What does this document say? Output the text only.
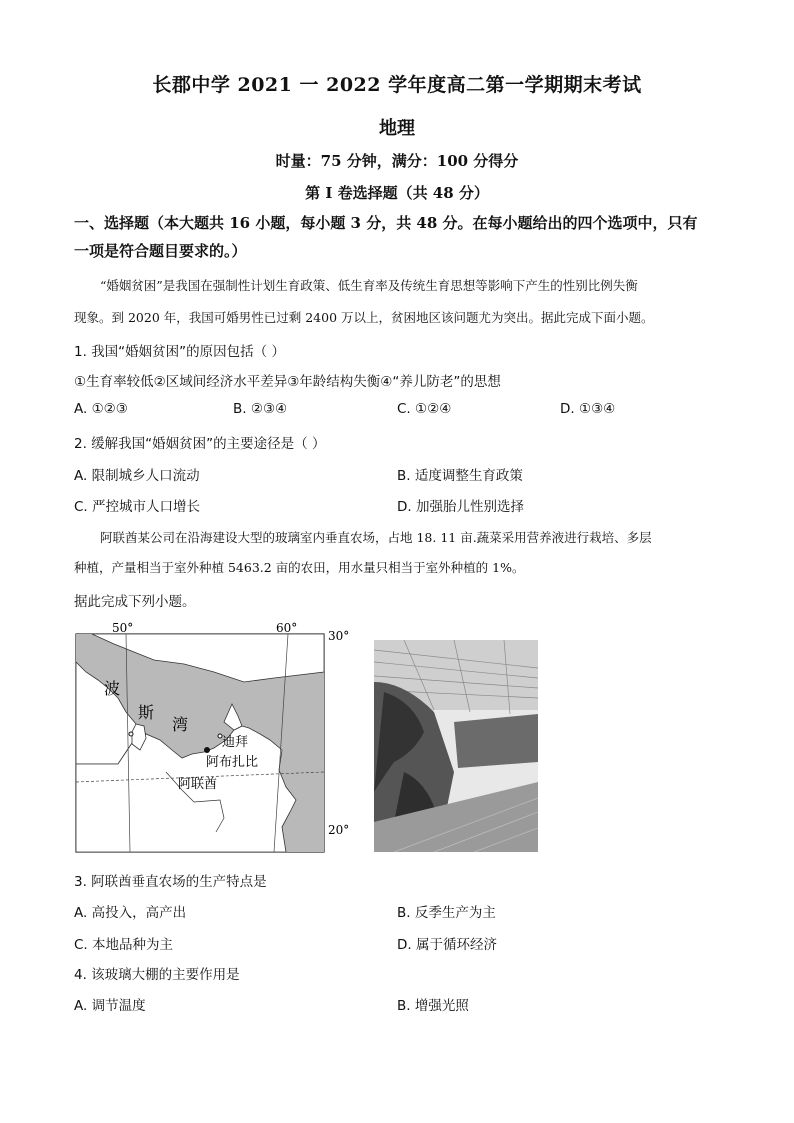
长郡中学 2021 一 2022 学年度高二第一学期期末考试
地理
时量：75 分钟，满分：100 分得分
第 I 卷选择题（共 48 分）
一、选择题（本大题共 16 小题，每小题 3 分，共 48 分。在每小题给出的四个选项中，只有
一项是符合题目要求的。）
“婚姻贫困”是我国在强制性计划生育政策、低生育率及传统生育思想等影响下产生的性别比例失衡
现象。到 2020 年，我国可婚男性已过剩 2400 万以上，贫困地区该问题尤为突出。据此完成下面小题。
1. 我国“婚姻贫困”的原因包括（ ）
①生育率较低②区域间经济水平差异③年龄结构失衡④“养儿防老”的思想
A. ①②③	B. ②③④	C. ①②④	D. ①③④
2. 缓解我国“婚姻贫困”的主要途径是（ ）
A. 限制城乡人口流动	B. 适度调整生育政策
C. 严控城市人口增长	D. 加强胎儿性别选择
阿联酋某公司在沿海建设大型的玻璃室内垂直农场，占地 18. 11 亩.蔬菜采用营养液进行栽培、多层
种植，产量相当于室外种植 5463.2 亩的农田，用水量只相当于室外种植的 1%。
据此完成下列小题。
50°	60°
30°
20°
波
斯
湾
迪拜
阿布扎比
阿联酋
3. 阿联酋垂直农场的生产特点是
A. 高投入，高产出	B. 反季生产为主
C. 本地品种为主	D. 属于循环经济
4. 该玻璃大棚的主要作用是
A. 调节温度	B. 增强光照
